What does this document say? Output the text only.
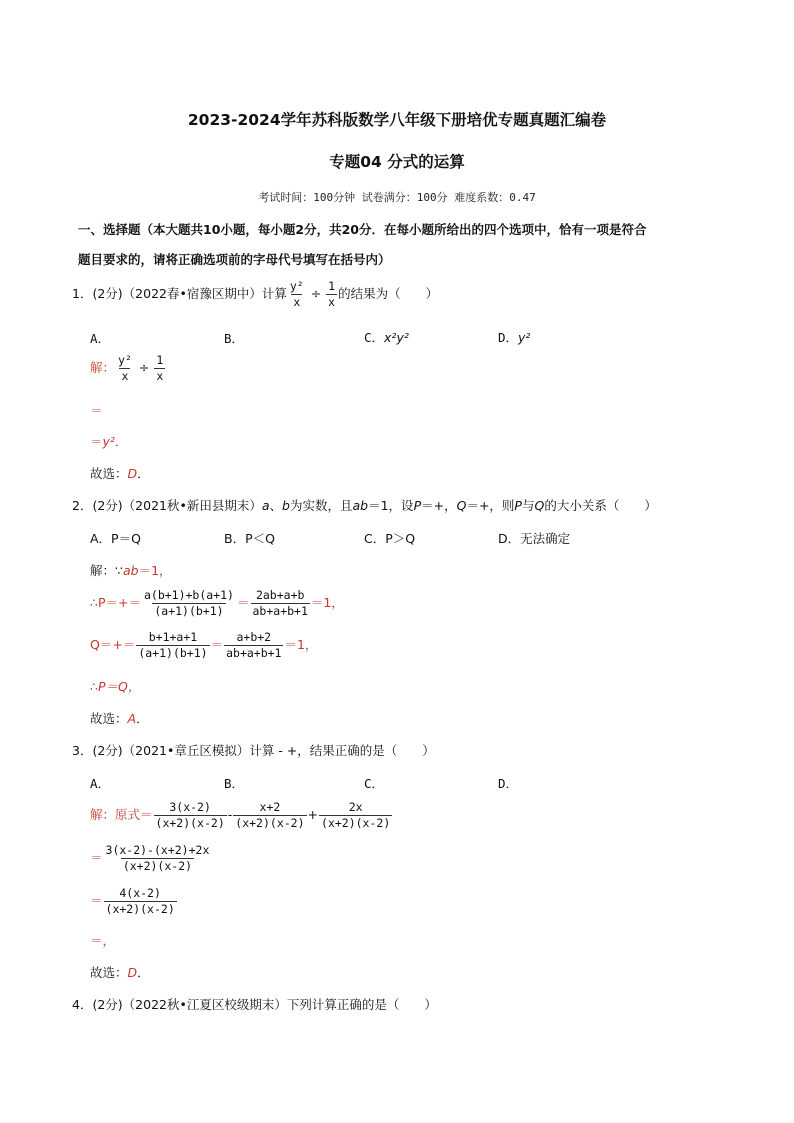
2023-2024学年苏科版数学八年级下册培优专题真题汇编卷
专题04 分式的运算
考试时间：100分钟 试卷满分：100分 难度系数：0.47
一、选择题（本大题共10小题，每小题2分，共20分．在每小题所给出的四个选项中，恰有一项是符合
题目要求的，请将正确选项前的字母代号填写在括号内）
1．(2分)（2022春•宿豫区期中）计算 $\frac{\text{y²}}{x} \div \frac{1}{x}$ 的结果为（　　）
A．	B．	C．x²y²	D．y²
解： $\frac{\text{y²}}{x} \div \frac{1}{x}$
＝
＝y²．
故选：D．
2．(2分)（2021秋•新田县期末）a、b为实数，且ab＝1，设P＝+，Q＝+，则P与Q的大小关系（　　）
A．P＝Q	B．P＜Q	C．P＞Q	D．无法确定
解：∵ab＝1，
∴P＝+＝ $\frac{a(b+1)+b(a+1)}{(a+1)(b+1)} = \frac{2ab+a+b}{ab+a+b+1} =1$，
$Q=+= \frac{b+1+a+1}{(a+1)(b+1)} = \frac{a+b+2}{ab+a+b+1} =1$，
∴P＝Q，
故选：A．
3．(2分)（2021•章丘区模拟）计算 - +，结果正确的是（　　）
A．	B．	C．	D．
解：原式＝ $\frac{3(x-2)}{(x+2)(x-2)} - \frac{x+2}{(x+2)(x-2)} + \frac{2x}{(x+2)(x-2)}$
＝ $\frac{3(x-2)-(x+2)+2x}{(x+2)(x-2)}$
＝ $\frac{4(x-2)}{(x+2)(x-2)}$
＝，
故选：D．
4．(2分)（2022秋•江夏区校级期末）下列计算正确的是（　　）
